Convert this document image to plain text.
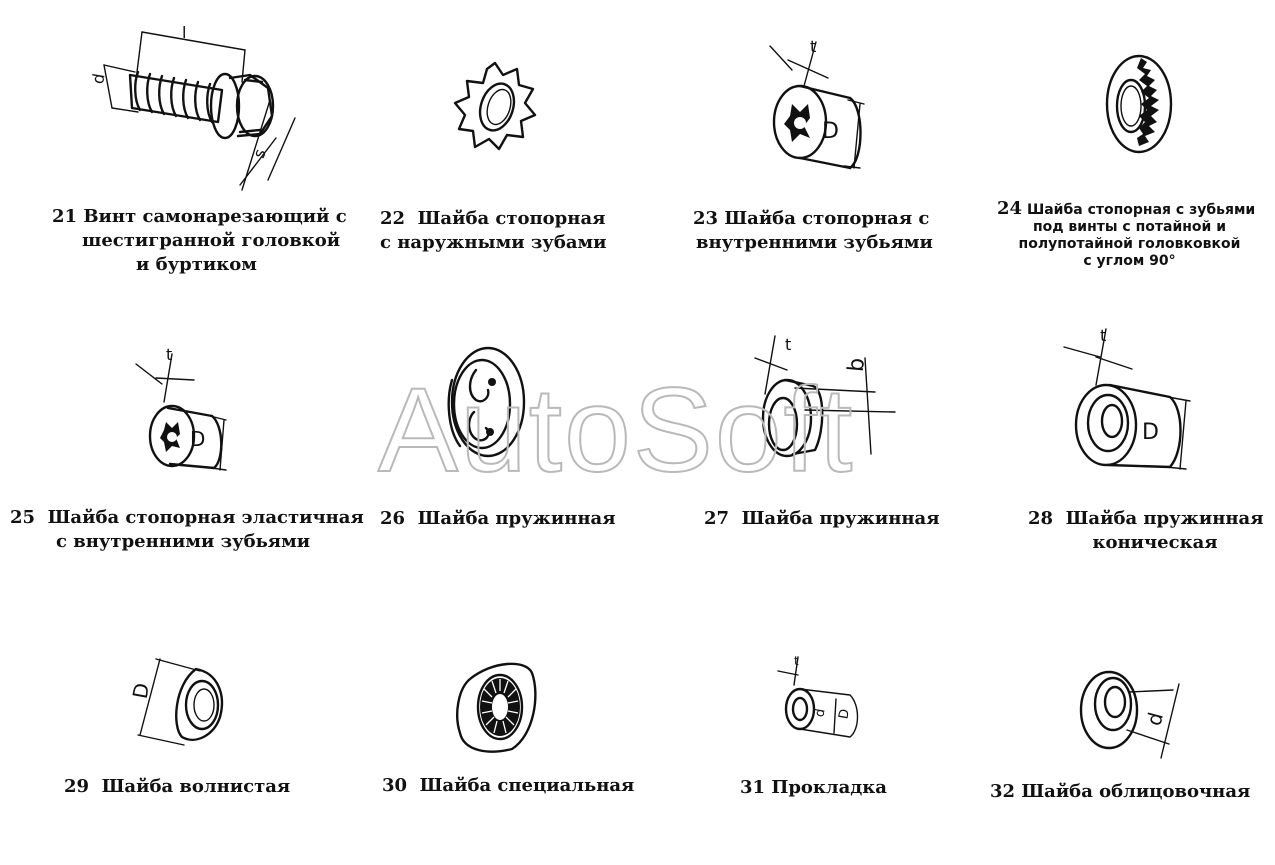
l
d
s
t
D
t
D
t
b
t
D
D
t
d D	d
AutoSoft
21 Винт самонарезающий с
шестигранной головкой
и буртиком
22 Шайба стопорная
с наружными зубами
23 Шайба стопорная с
внутренними зубьями
24 Шайба стопорная с зубьями
под винты с потайной и
полупотайной головковкой
с углом 90°
25 Шайба стопорная эластичная
с внутренними зубьями
26 Шайба пружинная	27 Шайба пружинная	28 Шайба пружинная
коническая
29 Шайба волнистая	30 Шайба специальная	31 Прокладка	32 Шайба облицовочная
